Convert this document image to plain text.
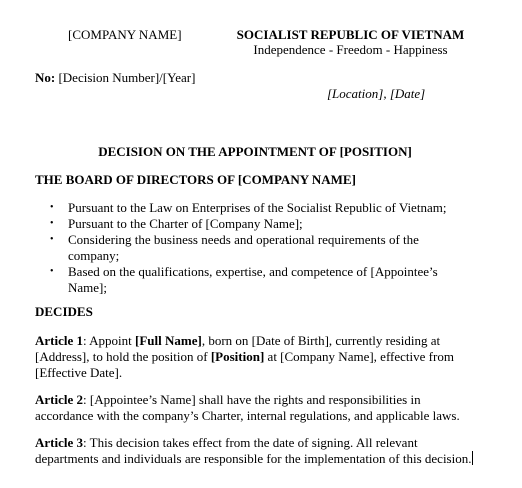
[COMPANY NAME]	SOCIALIST REPUBLIC OF VIETNAM
Independence - Freedom - Happiness
No: [Decision Number]/[Year]
[Location], [Date]
DECISION ON THE APPOINTMENT OF [POSITION]
THE BOARD OF DIRECTORS OF [COMPANY NAME]
• Pursuant to the Law on Enterprises of the Socialist Republic of Vietnam;
• Pursuant to the Charter of [Company Name];
• Considering the business needs and operational requirements of the company;
• Based on the qualifications, expertise, and competence of [Appointee’s Name];
DECIDES

Article 1: Appoint [Full Name], born on [Date of Birth], currently residing at [Address], to hold the position of [Position] at [Company Name], effective from [Effective Date].

Article 2: [Appointee’s Name] shall have the rights and responsibilities in accordance with the company’s Charter, internal regulations, and applicable laws.

Article 3: This decision takes effect from the date of signing. All relevant departments and individuals are responsible for the implementation of this decision.
